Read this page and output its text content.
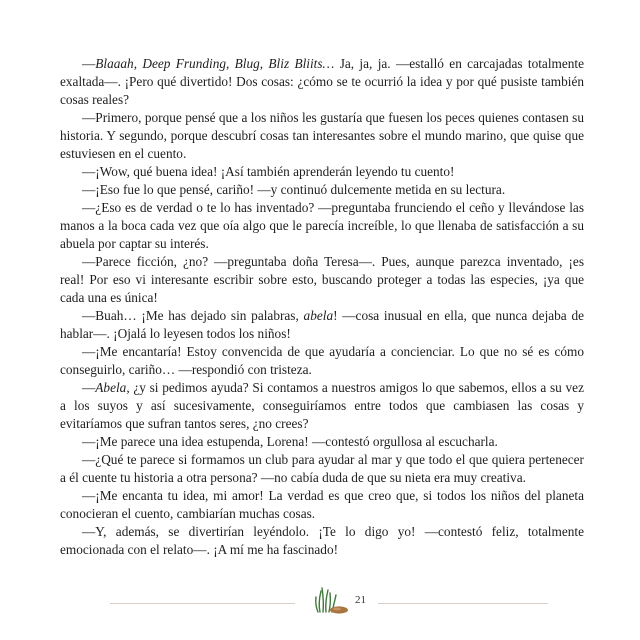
—Blaaah, Deep Frunding, Blug, Bliz Bliits… Ja, ja, ja. —estalló en carcajadas totalmente exaltada—. ¡Pero qué divertido! Dos cosas: ¿cómo se te ocurrió la idea y por qué pusiste también cosas reales?

—Primero, porque pensé que a los niños les gustaría que fuesen los peces quienes contasen su historia. Y segundo, porque descubrí cosas tan interesantes sobre el mundo marino, que quise que estuviesen en el cuento.

—¡Wow, qué buena idea! ¡Así también aprenderán leyendo tu cuento!

—¡Eso fue lo que pensé, cariño! —y continuó dulcemente metida en su lectura.

—¿Eso es de verdad o te lo has inventado? —preguntaba frunciendo el ceño y llevándose las manos a la boca cada vez que oía algo que le parecía increíble, lo que llenaba de satisfacción a su abuela por captar su interés.

—Parece ficción, ¿no? —preguntaba doña Teresa—. Pues, aunque parezca inventado, ¡es real! Por eso vi interesante escribir sobre esto, buscando proteger a todas las especies, ¡ya que cada una es única!

—Buah… ¡Me has dejado sin palabras, abela! —cosa inusual en ella, que nunca dejaba de hablar—. ¡Ojalá lo leyesen todos los niños!

—¡Me encantaría! Estoy convencida de que ayudaría a concienciar. Lo que no sé es cómo conseguirlo, cariño… —respondió con tristeza.

—Abela, ¿y si pedimos ayuda? Si contamos a nuestros amigos lo que sabemos, ellos a su vez a los suyos y así sucesivamente, conseguiríamos entre todos que cambiasen las cosas y evitaríamos que sufran tantos seres, ¿no crees?

—¡Me parece una idea estupenda, Lorena! —contestó orgullosa al escucharla.

—¿Qué te parece si formamos un club para ayudar al mar y que todo el que quiera pertenecer a él cuente tu historia a otra persona? —no cabía duda de que su nieta era muy creativa.

—¡Me encanta tu idea, mi amor! La verdad es que creo que, si todos los niños del planeta conocieran el cuento, cambiarían muchas cosas.

—Y, además, se divertirían leyéndolo. ¡Te lo digo yo! —contestó feliz, totalmente emocionada con el relato—. ¡A mí me ha fascinado!

21
